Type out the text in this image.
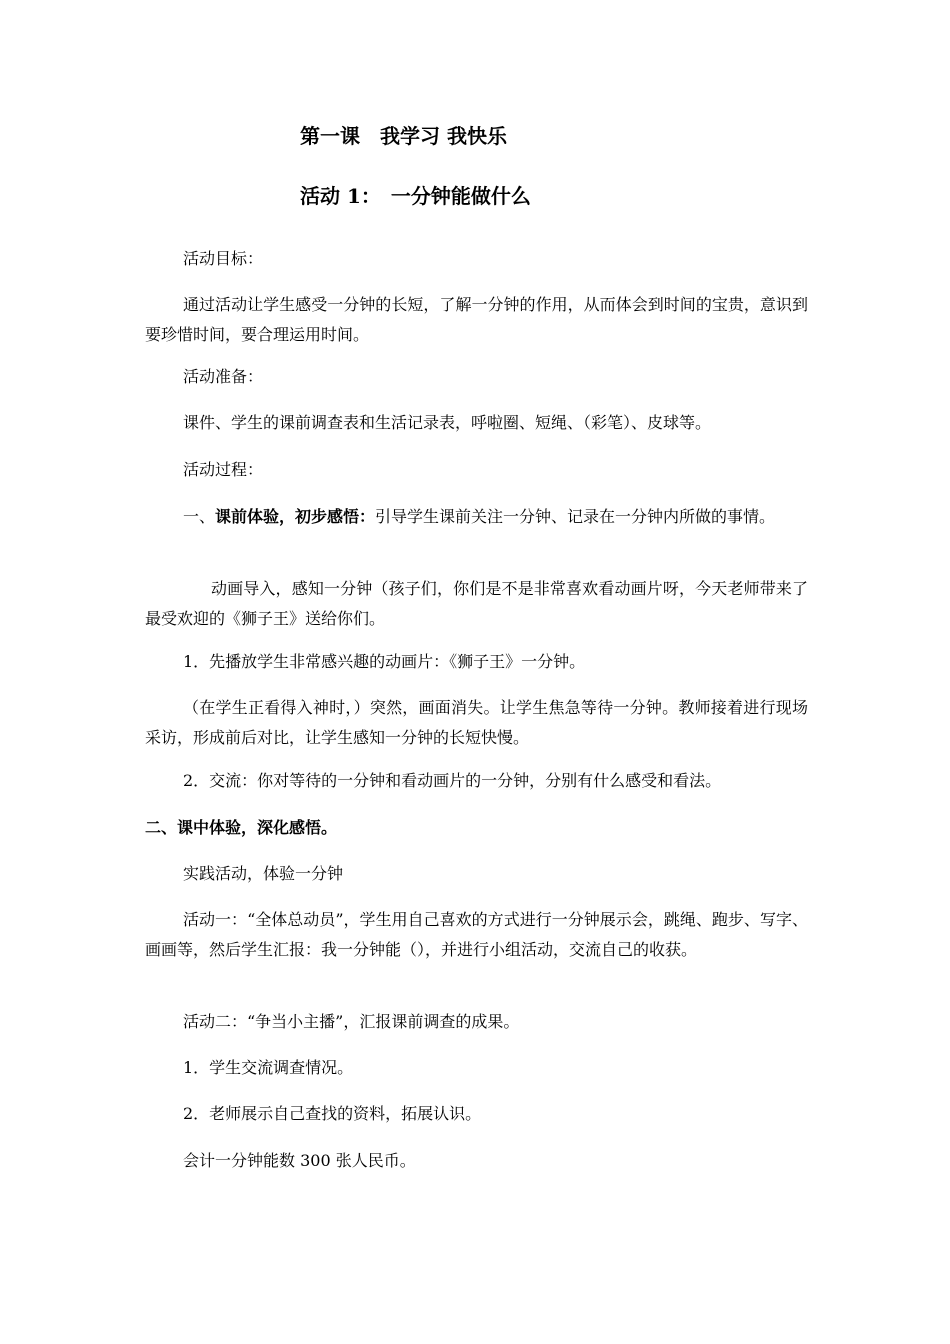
第一课　我学习 我快乐
活动 1：　一分钟能做什么

活动目标：

通过活动让学生感受一分钟的长短，了解一分钟的作用，从而体会到时间的宝贵，意识到要珍惜时间，要合理运用时间。

活动准备：

课件、学生的课前调查表和生活记录表，呼啦圈、短绳、（彩笔）、皮球等。

活动过程：

一、课前体验，初步感悟：引导学生课前关注一分钟、记录在一分钟内所做的事情。

动画导入，感知一分钟（孩子们，你们是不是非常喜欢看动画片呀，今天老师带来了最受欢迎的《狮子王》送给你们。

1．先播放学生非常感兴趣的动画片：《狮子王》一分钟。

（在学生正看得入神时，）突然，画面消失。让学生焦急等待一分钟。教师接着进行现场采访，形成前后对比，让学生感知一分钟的长短快慢。

2．交流：你对等待的一分钟和看动画片的一分钟，分别有什么感受和看法。

二、课中体验，深化感悟。

实践活动，体验一分钟

活动一：“全体总动员”，学生用自己喜欢的方式进行一分钟展示会，跳绳、跑步、写字、画画等，然后学生汇报：我一分钟能（），并进行小组活动，交流自己的收获。

活动二：“争当小主播”，汇报课前调查的成果。

1．学生交流调查情况。

2．老师展示自己查找的资料，拓展认识。

会计一分钟能数 300 张人民币。
